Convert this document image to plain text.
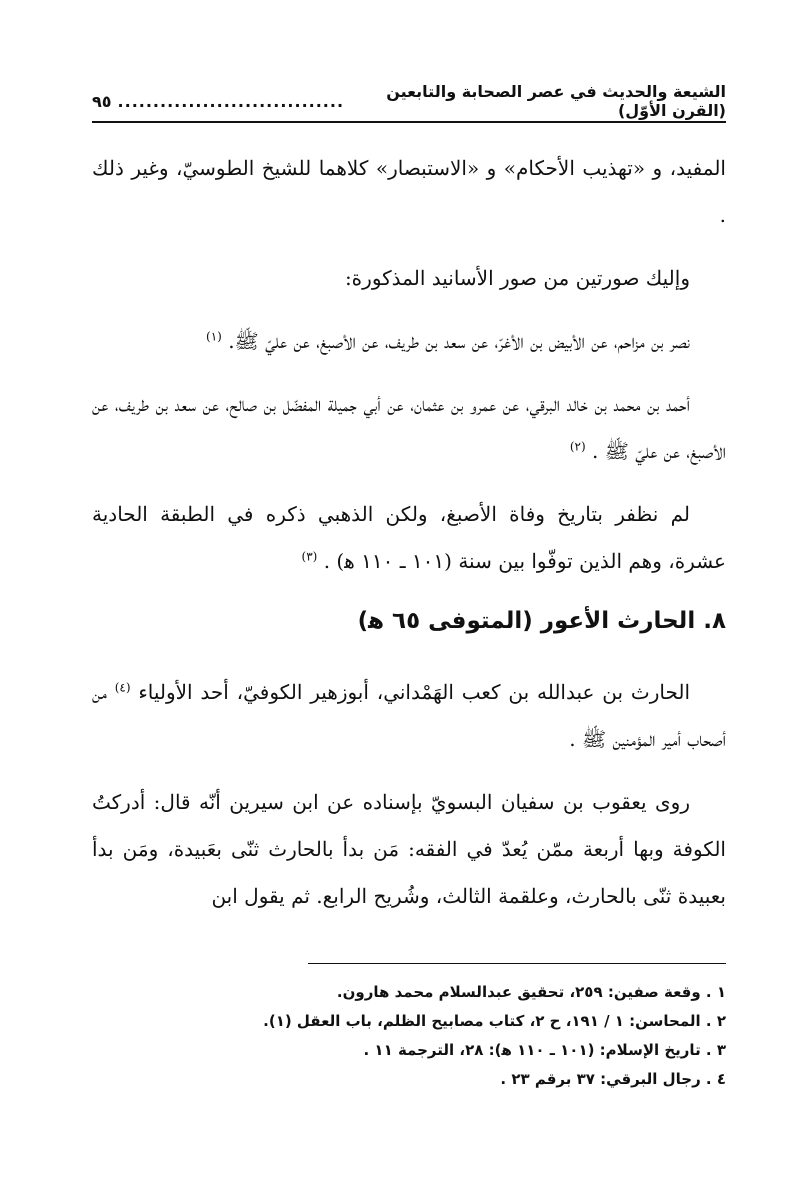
الشيعة والحديث في عصر الصحابة والتابعين (القرن الأوّل)
................................
٩٥

المفيد، و «تهذيب الأحكام» و «الاستبصار» كلاهما للشيخ الطوسيّ، وغير ذلك .

وإليك صورتين من صور الأسانيد المذكورة:

نصر بن مزاحم، عن الأبيض بن الأغرّ، عن سعد بن طريف، عن الأصبغ، عن عليّ ﷺ. $^{(١)}$

أحمد بن محمد بن خالد البرقي، عن عمرو بن عثمان، عن أبي جميلة المفضّل بن صالح، عن سعد بن طريف، عن الأصبغ، عن عليّ ﷺ . $^{(٢)}$

لم نظفر بتاريخ وفاة الأصبغ، ولكن الذهبي ذكره في الطبقة الحادية عشرة، وهم الذين توفّوا بين سنة (١٠١ ـ ١١٠ ﻫ) . $^{(٣)}$

٨. الحارث الأعور (المتوفى ٦٥ ﻫ)

الحارث بن عبدالله بن كعب الهَمْداني، أبوزهير الكوفيّ، أحد الأولياء $^{(٤)}$ من أصحاب أمير المؤمنين ﷺ .

روى يعقوب بن سفيان البسويّ بإسناده عن ابن سيرين أنّه قال: أدركتُ الكوفة وبها أربعة ممّن يُعدّ في الفقه: مَن بدأ بالحارث ثنّى بعَبيدة، ومَن بدأ بعبيدة ثنّى بالحارث، وعلقمة الثالث، وشُريح الرابع. ثم يقول ابن

١ . وقعة صفين: ٢٥٩، تحقيق عبدالسلام محمد هارون.
٢ . المحاسن: ١ / ١٩١، ح ٢، كتاب مصابيح الظلم، باب العقل (١).
٣ . تاريخ الإسلام: (١٠١ ـ ١١٠ ﻫ): ٢٨، الترجمة ١١ .
٤ . رجال البرقي: ٣٧ برقم ٢٣ .
